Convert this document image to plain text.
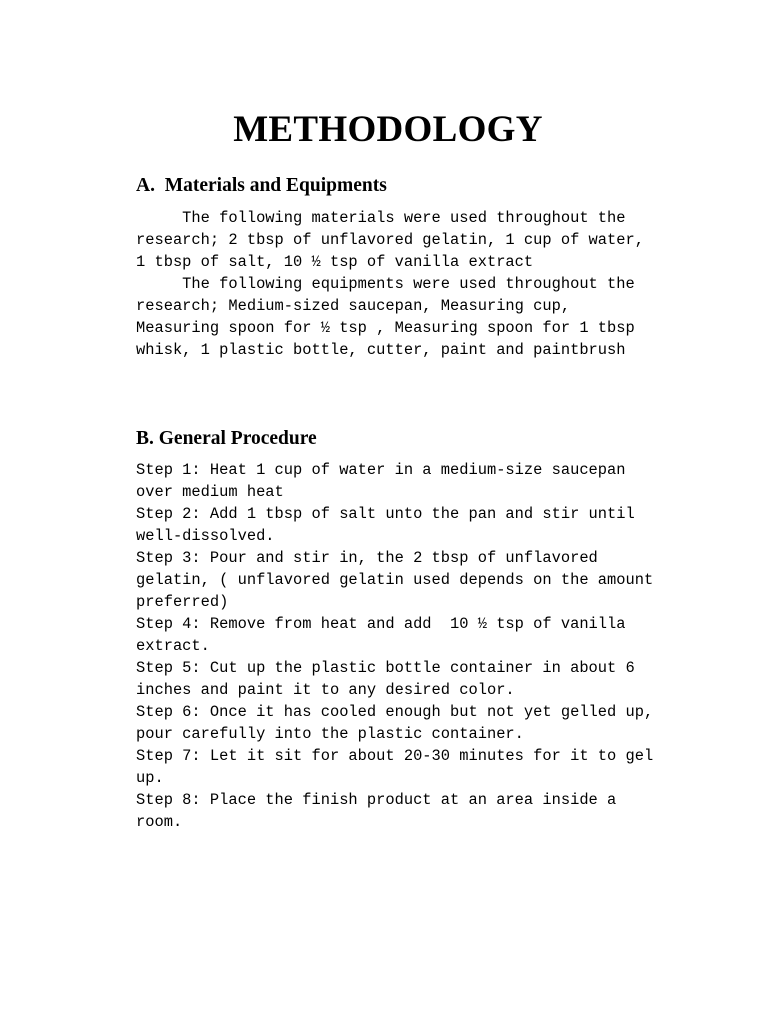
METHODOLOGY
A.  Materials and Equipments
The following materials were used throughout the
research; 2 tbsp of unflavored gelatin, 1 cup of water,
1 tbsp of salt, 10 ½ tsp of vanilla extract
The following equipments were used throughout the
research; Medium-sized saucepan, Measuring cup,
Measuring spoon for ½ tsp , Measuring spoon for 1 tbsp
whisk, 1 plastic bottle, cutter, paint and paintbrush
B. General Procedure
Step 1: Heat 1 cup of water in a medium-size saucepan
over medium heat
Step 2: Add 1 tbsp of salt unto the pan and stir until
well-dissolved.
Step 3: Pour and stir in, the 2 tbsp of unflavored
gelatin, ( unflavored gelatin used depends on the amount
preferred)
Step 4: Remove from heat and add  10 ½ tsp of vanilla
extract.
Step 5: Cut up the plastic bottle container in about 6
inches and paint it to any desired color.
Step 6: Once it has cooled enough but not yet gelled up,
pour carefully into the plastic container.
Step 7: Let it sit for about 20-30 minutes for it to gel
up.
Step 8: Place the finish product at an area inside a
room.
